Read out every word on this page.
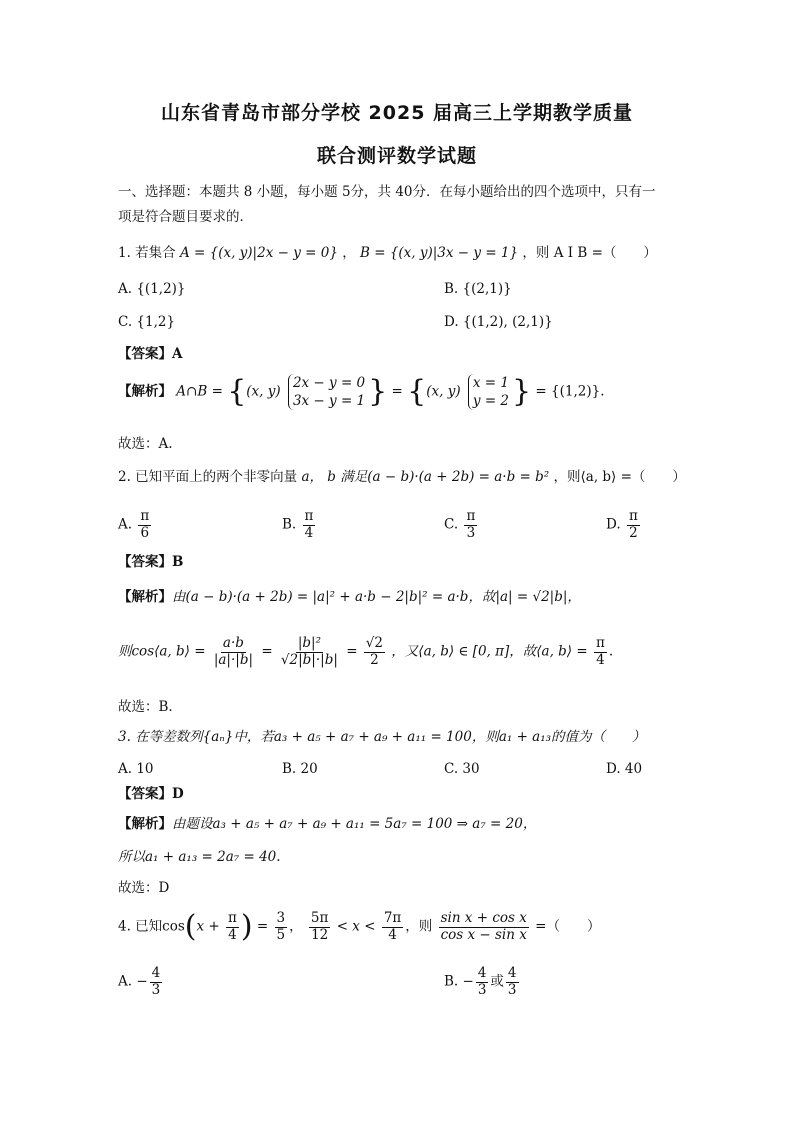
山东省青岛市部分学校 2025 届高三上学期教学质量
联合测评数学试题
一、选择题：本题共 8 小题，每小题 5分，共 40分．在每小题给出的四个选项中，只有一
项是符合题目要求的．
1. 若集合 A = {(x, y)|2x − y = 0} ， B = {(x, y)|3x − y = 1} ，则 A I B =（　　）
A. {(1,2)}	B. {(2,1)}
C. {1,2}	D. {(1,2), (2,1)}
【答案】A
【解析】 A∩B = {(x, y)
2x − y = 0
3x − y = 1 } = {(x, y)
x = 1
y = 2 } = {(1,2)}.
故选：A.
2. 已知平面上的两个非零向量 a， b 满足(a − b)·(a + 2b) = a·b = b² ，则⟨a, b⟩ =（　　）
A. $\frac{\pi}{6}$	B. $\frac{\pi}{4}$	C. $\frac{\pi}{3}$	D. $\frac{\pi}{2}$
【答案】B
【解析】由(a − b)·(a + 2b) = |a|² + a·b − 2|b|² = a·b，故|a| = √2|b|，
则cos⟨a, b⟩ = $\frac{a\cdot b}{|a|\cdot|b|} = \frac{\text{|b|²}}{√2|b|\cdot|b|} = \frac{√2}{2}$ ，又⟨a, b⟩ ∈ [0, π]，故⟨a, b⟩ = $\frac{\pi}{4}$ .
故选：B.
3. 在等差数列{aₙ}中，若a₃ + a₅ + a₇ + a₉ + a₁₁ = 100，则a₁ + a₁₃的值为（　　）
A. 10	B. 20	C. 30	D. 40
【答案】D
【解析】由题设a₃ + a₅ + a₇ + a₉ + a₁₁ = 5a₇ = 100 ⇒ a₇ = 20，
所以a₁ + a₁₃ = 2a₇ = 40.
故选：D
4. 已知$\cos(x + \frac{\pi}{4}$ ) = $\frac{3}{5}$ ， $\frac{5\pi}{12} < x < \frac{7\pi}{4}$ ，则 $\frac{\text{sin x + cos x}}{\text{cos x − sin x}}$ =（　　）
A. − $\frac{4}{3}$	B. − $\frac{4}{3}$ 或 $\frac{4}{3}$
